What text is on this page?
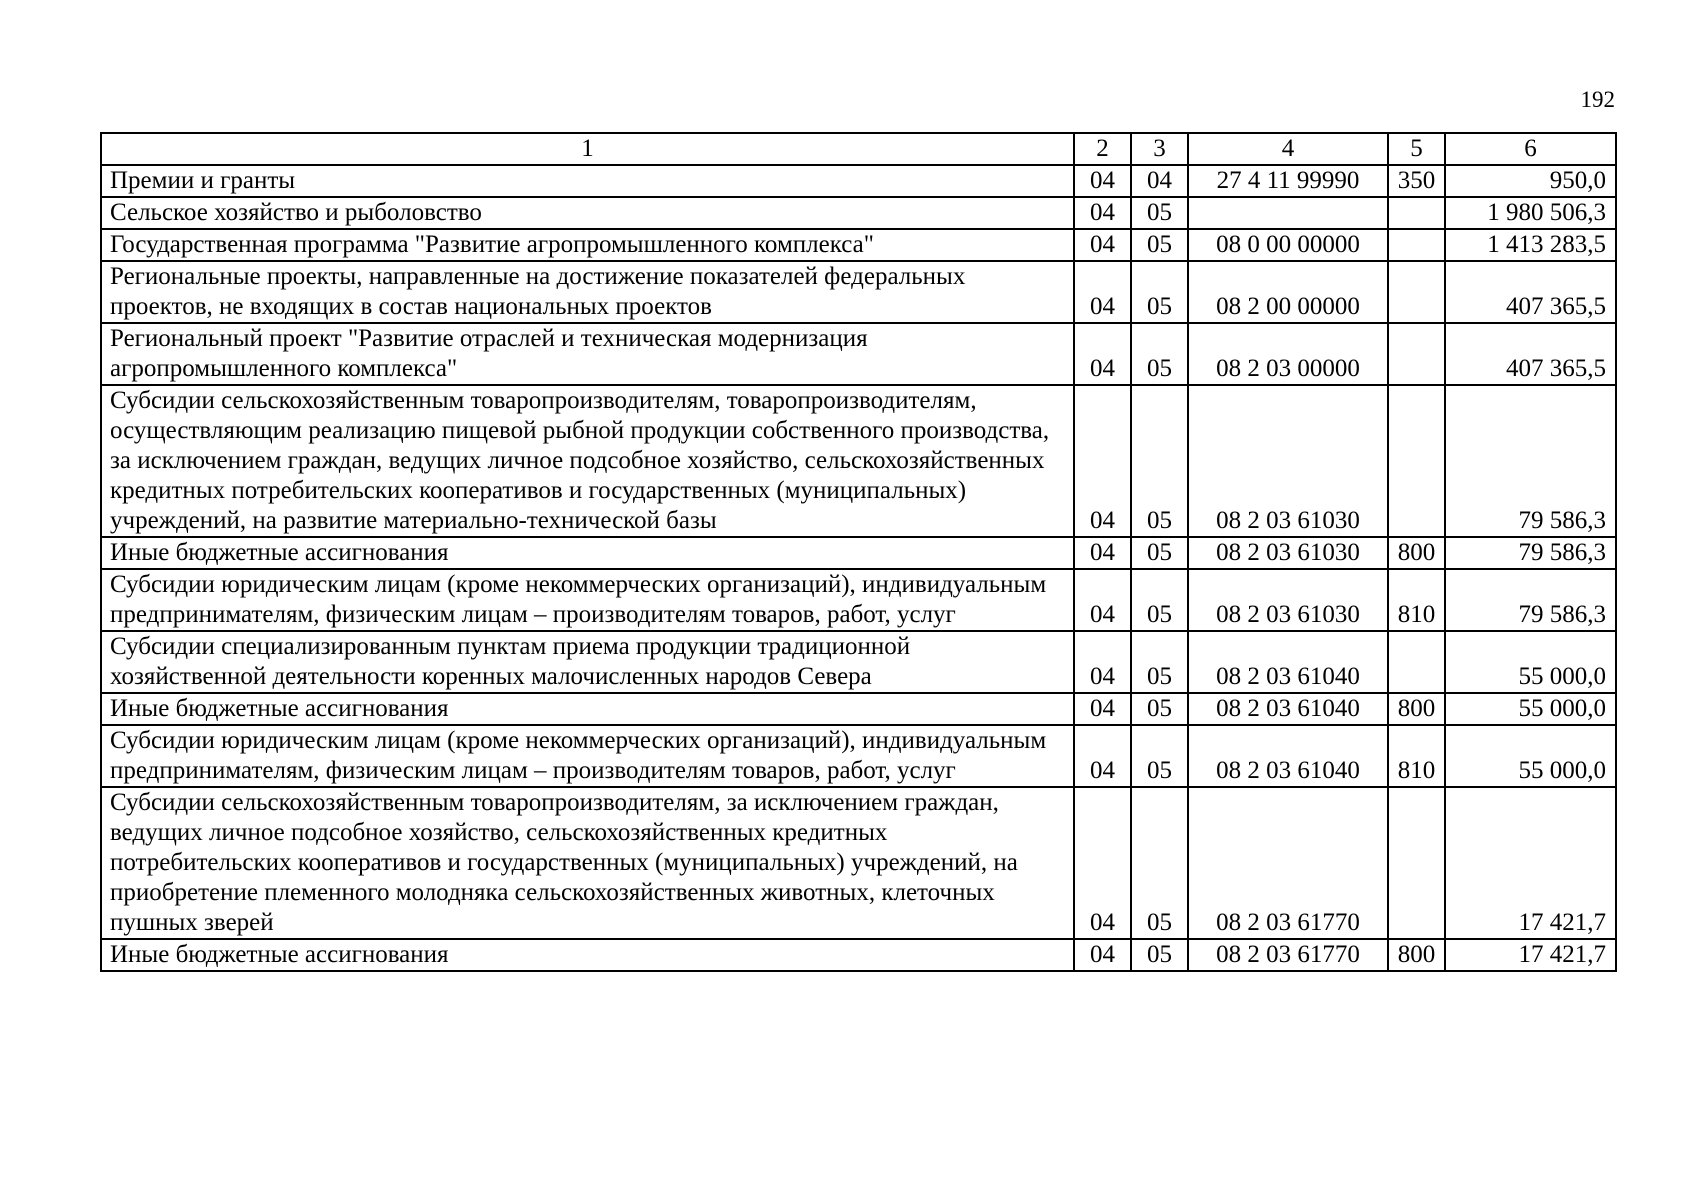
192
1	2	3	4	5	6
Премии и гранты	04	04	27 4 11 99990	350	950,0
Сельское хозяйство и рыболовство	04	05			1 980 506,3
Государственная программа "Развитие агропромышленного комплекса"	04	05	08 0 00 00000		1 413 283,5
Региональные проекты, направленные на достижение показателей федеральных проектов, не входящих в состав национальных проектов	04	05	08 2 00 00000		407 365,5
Региональный проект "Развитие отраслей и техническая модернизация агропромышленного комплекса"	04	05	08 2 03 00000		407 365,5
Субсидии сельскохозяйственным товаропроизводителям, товаропроизводителям, осуществляющим реализацию пищевой рыбной продукции собственного производства, за исключением граждан, ведущих личное подсобное хозяйство, сельскохозяйственных кредитных потребительских кооперативов и государственных (муниципальных) учреждений, на развитие материально-технической базы	04	05	08 2 03 61030		79 586,3
Иные бюджетные ассигнования	04	05	08 2 03 61030	800	79 586,3
Субсидии юридическим лицам (кроме некоммерческих организаций), индивидуальным предпринимателям, физическим лицам – производителям товаров, работ, услуг	04	05	08 2 03 61030	810	79 586,3
Субсидии специализированным пунктам приема продукции традиционной хозяйственной деятельности коренных малочисленных народов Севера	04	05	08 2 03 61040		55 000,0
Иные бюджетные ассигнования	04	05	08 2 03 61040	800	55 000,0
Субсидии юридическим лицам (кроме некоммерческих организаций), индивидуальным предпринимателям, физическим лицам – производителям товаров, работ, услуг	04	05	08 2 03 61040	810	55 000,0
Субсидии сельскохозяйственным товаропроизводителям, за исключением граждан, ведущих личное подсобное хозяйство, сельскохозяйственных кредитных потребительских кооперативов и государственных (муниципальных) учреждений, на приобретение племенного молодняка сельскохозяйственных животных, клеточных пушных зверей	04	05	08 2 03 61770		17 421,7
Иные бюджетные ассигнования	04	05	08 2 03 61770	800	17 421,7
